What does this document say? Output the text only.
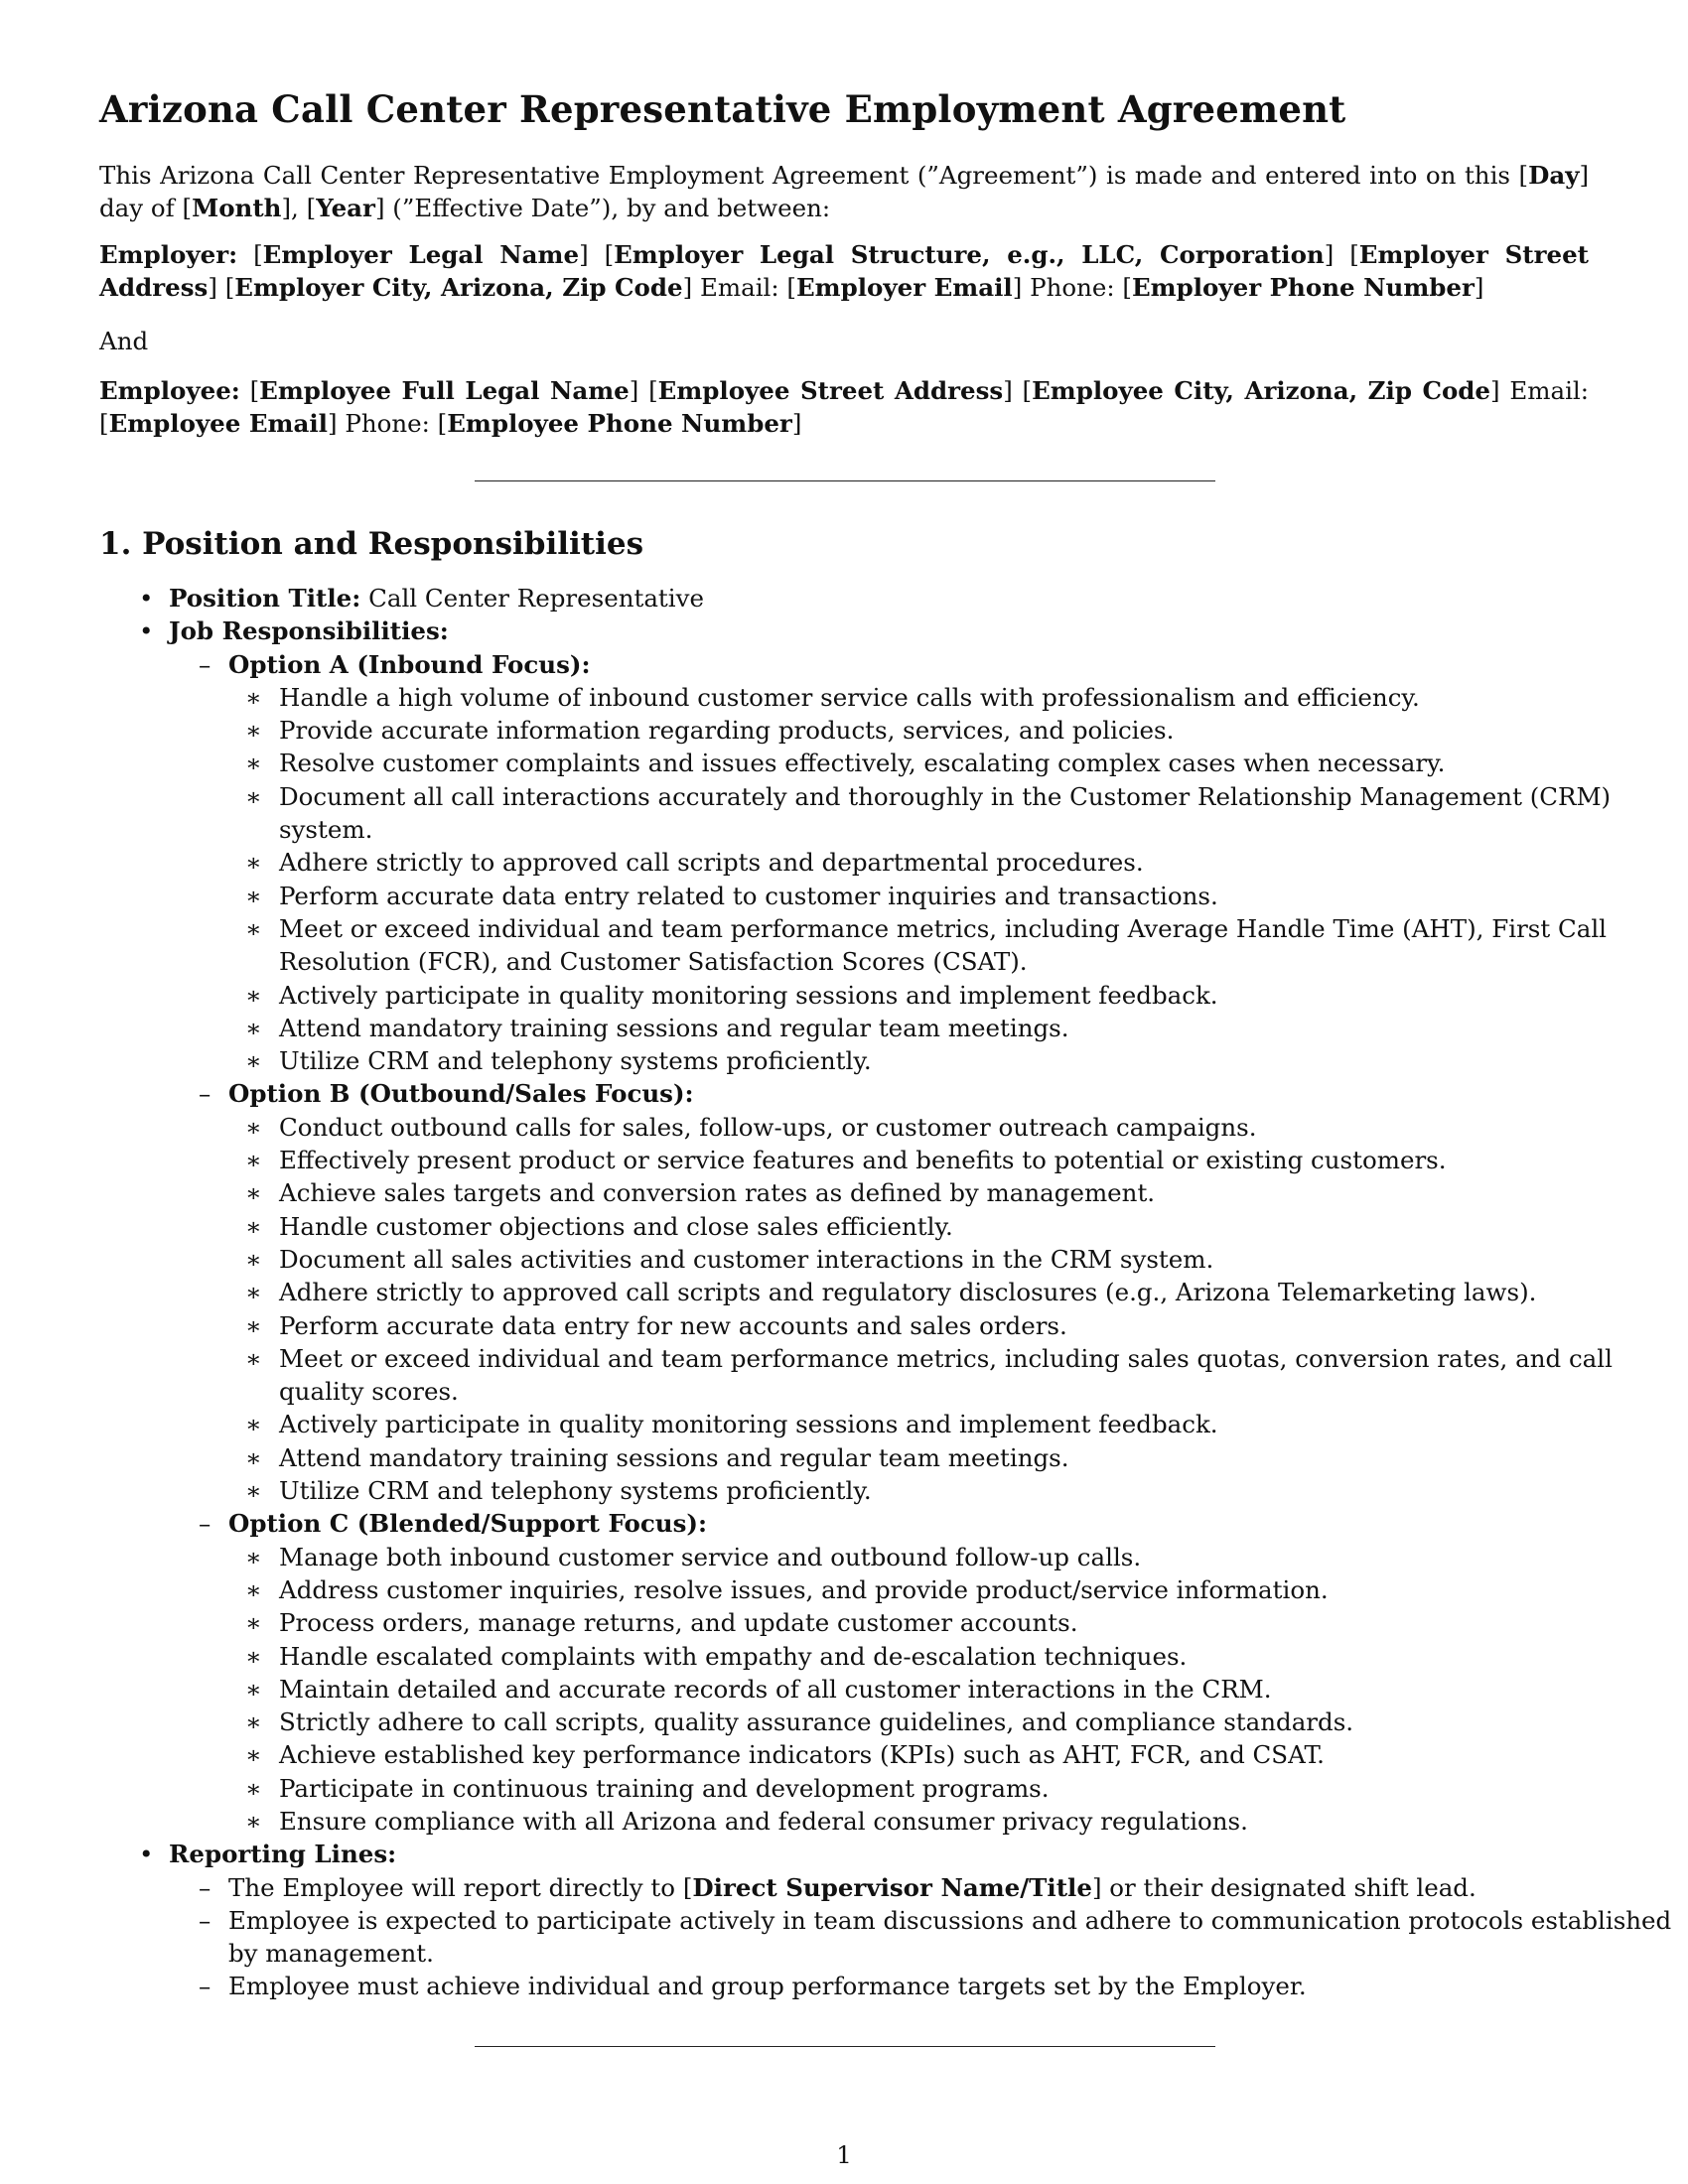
Arizona Call Center Representative Employment Agreement

This Arizona Call Center Representative Employment Agreement (”Agreement”) is made and entered into on this [Day] day of [Month], [Year] (”Effective Date”), by and between:

Employer: [Employer Legal Name] [Employer Legal Structure, e.g., LLC, Corporation] [Employer Street Address] [Employer City, Arizona, Zip Code] Email: [Employer Email] Phone: [Employer Phone Number]

And

Employee: [Employee Full Legal Name] [Employee Street Address] [Employee City, Arizona, Zip Code] Email: [Employee Email] Phone: [Employee Phone Number]

1. Position and Responsibilities
• Position Title: Call Center Representative
• Job Responsibilities:
– Option A (Inbound Focus):
∗ Handle a high volume of inbound customer service calls with professionalism and efficiency.
∗ Provide accurate information regarding products, services, and policies.
∗ Resolve customer complaints and issues effectively, escalating complex cases when necessary.
∗ Document all call interactions accurately and thoroughly in the Customer Relationship Management (CRM)
system.
∗ Adhere strictly to approved call scripts and departmental procedures.
∗ Perform accurate data entry related to customer inquiries and transactions.
∗ Meet or exceed individual and team performance metrics, including Average Handle Time (AHT), First Call
Resolution (FCR), and Customer Satisfaction Scores (CSAT).
∗ Actively participate in quality monitoring sessions and implement feedback.
∗ Attend mandatory training sessions and regular team meetings.
∗ Utilize CRM and telephony systems proficiently.
– Option B (Outbound/Sales Focus):
∗ Conduct outbound calls for sales, follow-ups, or customer outreach campaigns.
∗ Effectively present product or service features and benefits to potential or existing customers.
∗ Achieve sales targets and conversion rates as defined by management.
∗ Handle customer objections and close sales efficiently.
∗ Document all sales activities and customer interactions in the CRM system.
∗ Adhere strictly to approved call scripts and regulatory disclosures (e.g., Arizona Telemarketing laws).
∗ Perform accurate data entry for new accounts and sales orders.
∗ Meet or exceed individual and team performance metrics, including sales quotas, conversion rates, and call
quality scores.
∗ Actively participate in quality monitoring sessions and implement feedback.
∗ Attend mandatory training sessions and regular team meetings.
∗ Utilize CRM and telephony systems proficiently.
– Option C (Blended/Support Focus):
∗ Manage both inbound customer service and outbound follow-up calls.
∗ Address customer inquiries, resolve issues, and provide product/service information.
∗ Process orders, manage returns, and update customer accounts.
∗ Handle escalated complaints with empathy and de-escalation techniques.
∗ Maintain detailed and accurate records of all customer interactions in the CRM.
∗ Strictly adhere to call scripts, quality assurance guidelines, and compliance standards.
∗ Achieve established key performance indicators (KPIs) such as AHT, FCR, and CSAT.
∗ Participate in continuous training and development programs.
∗ Ensure compliance with all Arizona and federal consumer privacy regulations.
• Reporting Lines:
– The Employee will report directly to [Direct Supervisor Name/Title] or their designated shift lead.
– Employee is expected to participate actively in team discussions and adhere to communication protocols established
by management.
– Employee must achieve individual and group performance targets set by the Employer.
1
